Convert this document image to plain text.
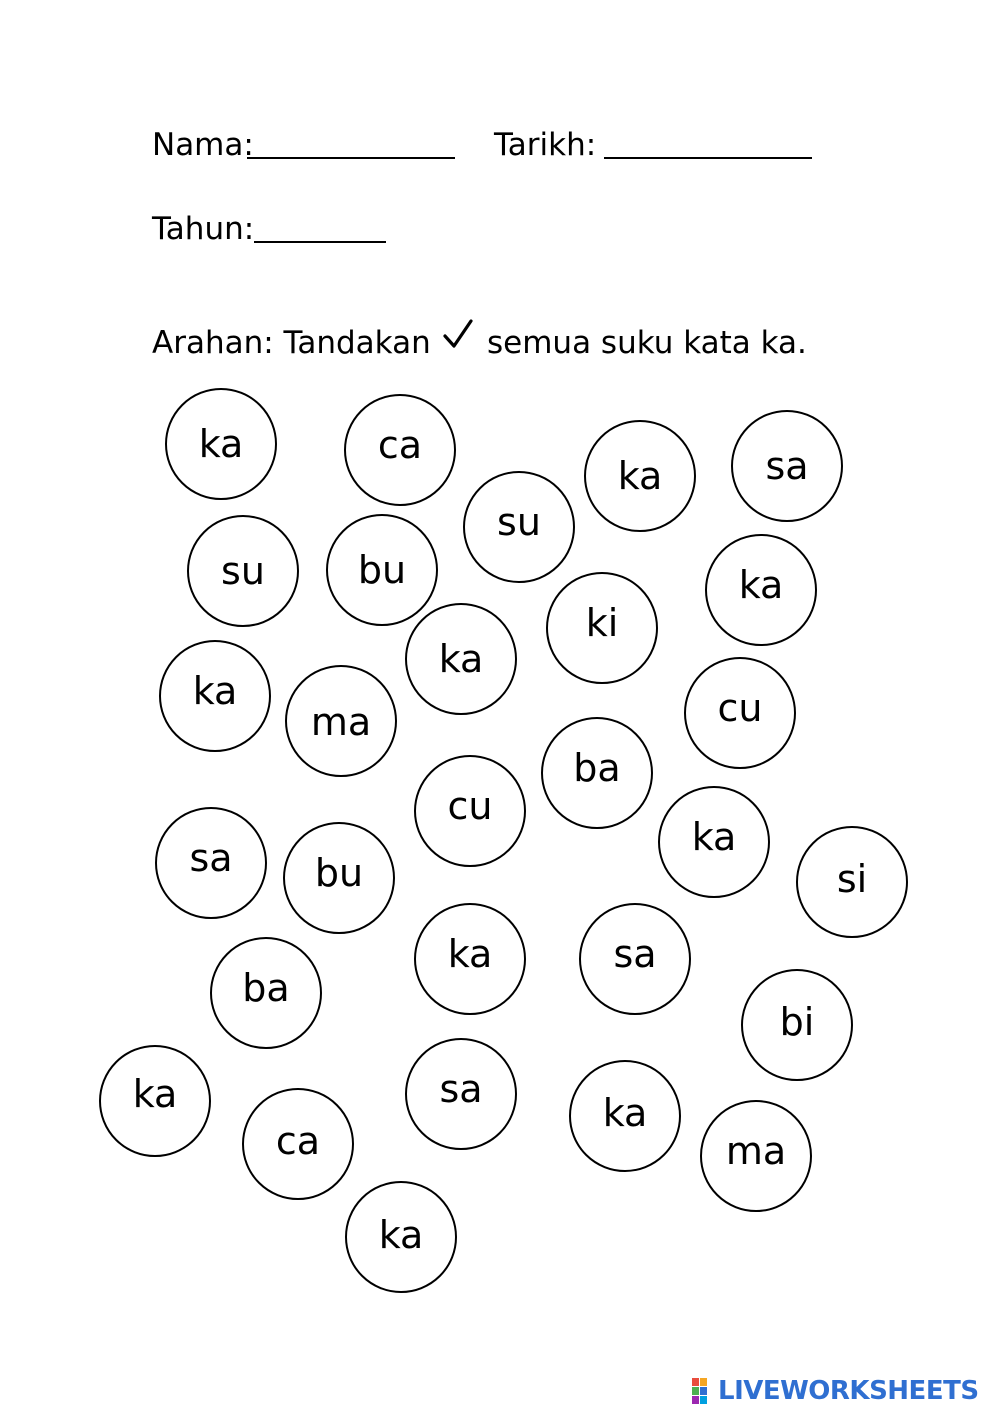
Nama:	Tarikh:
Tahun:
Arahan: Tandakan semua suku kata ka.
ka	ca
su
ka	sa
su	bu
ki
ka
ka
ka
ma	cu
cu
ba
sa	bu
ka
si
ka	sa
ba
bi
ka	sa
ka
ca	ma
ka
LIVEWORKSHEETS
